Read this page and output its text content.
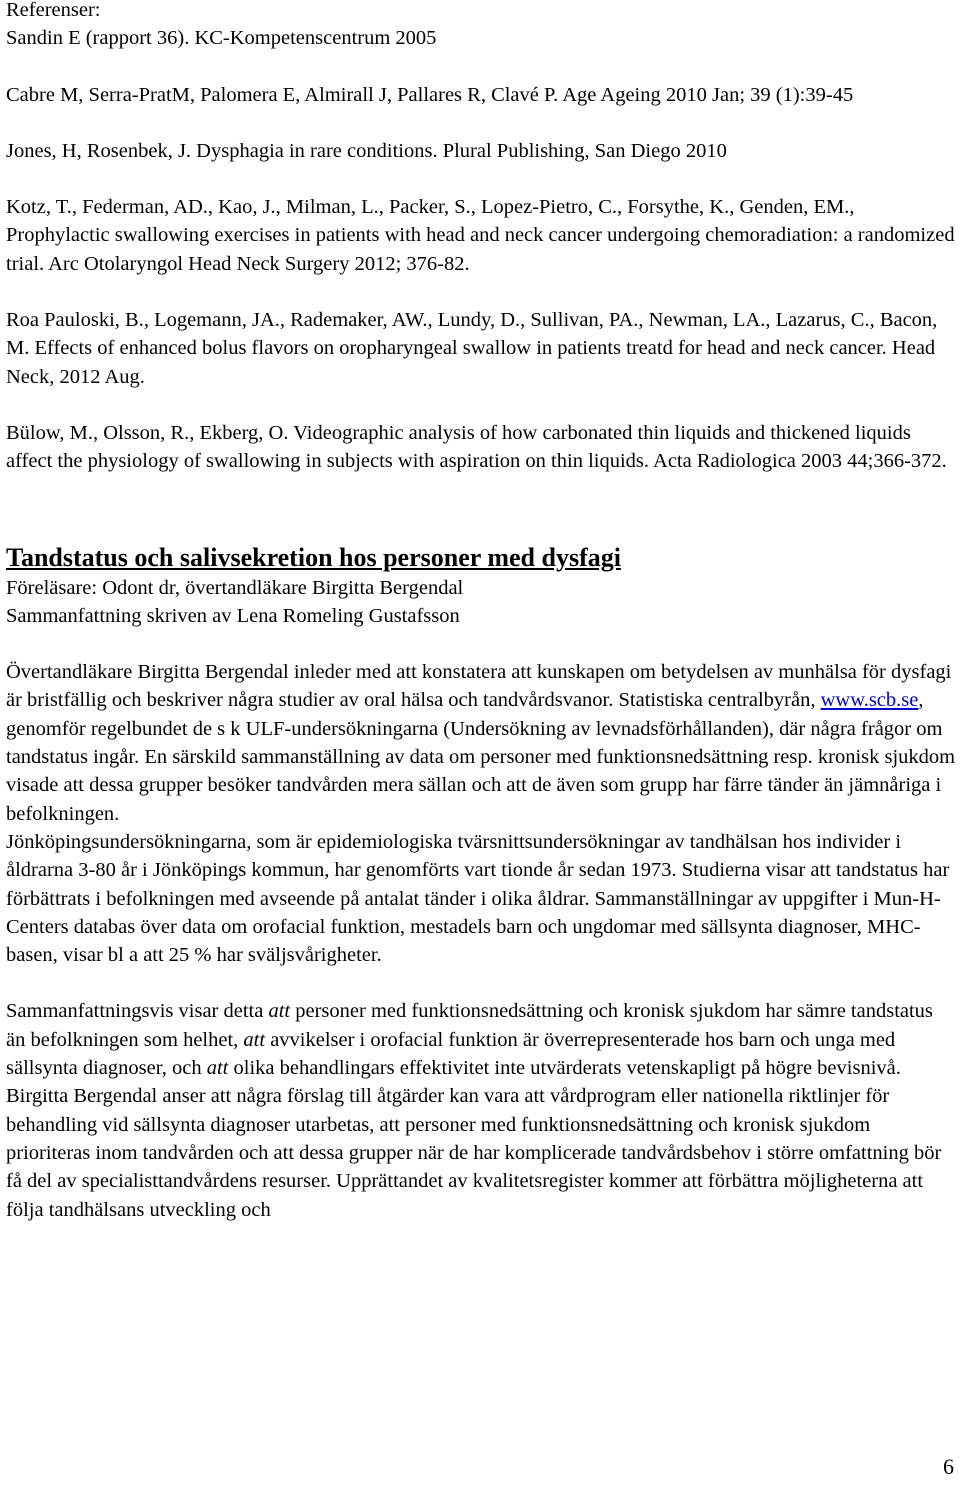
Referenser:

Sandin E (rapport 36). KC-Kompetenscentrum 2005

Cabre M, Serra-PratM, Palomera E, Almirall J, Pallares R, Clavé P. Age Ageing 2010 Jan; 39 (1):39-45

Jones, H, Rosenbek, J. Dysphagia in rare conditions. Plural Publishing, San Diego 2010

Kotz, T., Federman, AD., Kao, J., Milman, L., Packer, S., Lopez-Pietro, C., Forsythe, K., Genden, EM., Prophylactic swallowing exercises in patients with head and neck cancer undergoing chemoradiation: a randomized trial. Arc Otolaryngol Head Neck Surgery 2012; 376-82.

Roa Pauloski, B., Logemann, JA., Rademaker, AW., Lundy, D., Sullivan, PA., Newman, LA., Lazarus, C., Bacon, M. Effects of enhanced bolus flavors on oropharyngeal swallow in patients treatd for head and neck cancer. Head Neck, 2012 Aug.

Bülow, M., Olsson, R., Ekberg, O. Videographic analysis of how carbonated thin liquids and thickened liquids affect the physiology of swallowing in subjects with aspiration on thin liquids. Acta Radiologica 2003 44;366-372.

Tandstatus och salivsekretion hos personer med dysfagi

Föreläsare: Odont dr, övertandläkare Birgitta Bergendal

Sammanfattning skriven av Lena Romeling Gustafsson

Övertandläkare Birgitta Bergendal inleder med att konstatera att kunskapen om betydelsen av munhälsa för dysfagi är bristfällig och beskriver några studier av oral hälsa och tandvårdsvanor. Statistiska centralbyrån, www.scb.se, genomför regelbundet de s k ULF-undersökningarna (Undersökning av levnadsförhållanden), där några frågor om tandstatus ingår. En särskild sammanställning av data om personer med funktionsnedsättning resp. kronisk sjukdom visade att dessa grupper besöker tandvården mera sällan och att de även som grupp har färre tänder än jämnåriga i befolkningen.

Jönköpingsundersökningarna, som är epidemiologiska tvärsnittsundersökningar av tandhälsan hos individer i åldrarna 3-80 år i Jönköpings kommun, har genomförts vart tionde år sedan 1973. Studierna visar att tandstatus har förbättrats i befolkningen med avseende på antalat tänder i olika åldrar. Sammanställningar av uppgifter i Mun-H-Centers databas över data om orofacial funktion, mestadels barn och ungdomar med sällsynta diagnoser, MHC-basen, visar bl a att 25 % har sväljsvårigheter.

Sammanfattningsvis visar detta att personer med funktionsnedsättning och kronisk sjukdom har sämre tandstatus än befolkningen som helhet, att avvikelser i orofacial funktion är överrepresenterade hos barn och unga med sällsynta diagnoser, och att olika behandlingars effektivitet inte utvärderats vetenskapligt på högre bevisnivå.

Birgitta Bergendal anser att några förslag till åtgärder kan vara att vårdprogram eller nationella riktlinjer för behandling vid sällsynta diagnoser utarbetas, att personer med funktionsnedsättning och kronisk sjukdom prioriteras inom tandvården och att dessa grupper när de har komplicerade tandvårdsbehov i större omfattning bör få del av specialisttandvårdens resurser. Upprättandet av kvalitetsregister kommer att förbättra möjligheterna att följa tandhälsans utveckling och

6
